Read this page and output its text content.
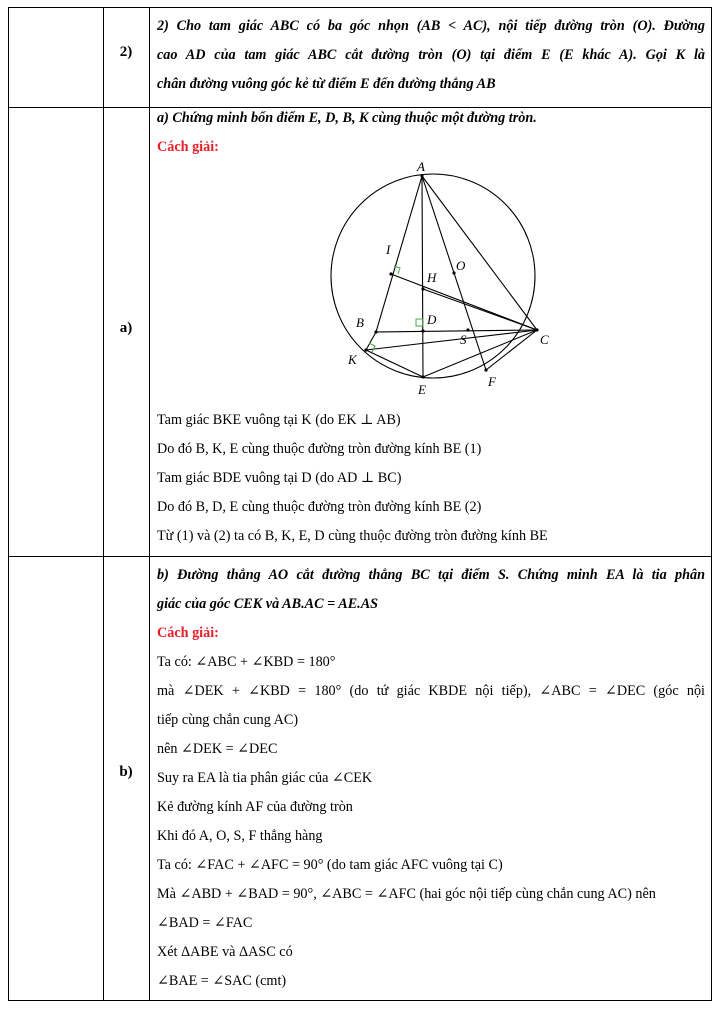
2)
2) Cho tam giác ABC có ba góc nhọn (AB < AC), nội tiếp đường tròn (O). Đường
cao AD của tam giác ABC cắt đường tròn (O) tại điểm E (E khác A). Gọi K là
chân đường vuông góc kẻ từ điểm E đến đường thẳng AB
a)
a) Chứng minh bốn điểm E, D, B, K cùng thuộc một đường tròn.
Cách giải:
A
I
O
H
B	D
S	C
K
E
F
Tam giác BKE vuông tại K (do EK ⊥ AB)
Do đó B, K, E cùng thuộc đường tròn đường kính BE (1)
Tam giác BDE vuông tại D (do AD ⊥ BC)
Do đó B, D, E cùng thuộc đường tròn đường kính BE (2)
Từ (1) và (2) ta có B, K, E, D cùng thuộc đường tròn đường kính BE
b)
b) Đường thẳng AO cắt đường thẳng BC tại điểm S. Chứng minh EA là tia phân
giác của góc CEK và AB.AC = AE.AS
Cách giải:
Ta có: ∠ABC + ∠KBD = 180°
mà ∠DEK + ∠KBD = 180° (do tứ giác KBDE nội tiếp), ∠ABC = ∠DEC (góc nội
tiếp cùng chắn cung AC)
nên ∠DEK = ∠DEC
Suy ra EA là tia phân giác của ∠CEK
Kẻ đường kính AF của đường tròn
Khi đó A, O, S, F thẳng hàng
Ta có: ∠FAC + ∠AFC = 90° (do tam giác AFC vuông tại C)
Mà ∠ABD + ∠BAD = 90°, ∠ABC = ∠AFC (hai góc nội tiếp cùng chắn cung AC) nên
∠BAD = ∠FAC
Xét ΔABE và ΔASC có
∠BAE = ∠SAC (cmt)
